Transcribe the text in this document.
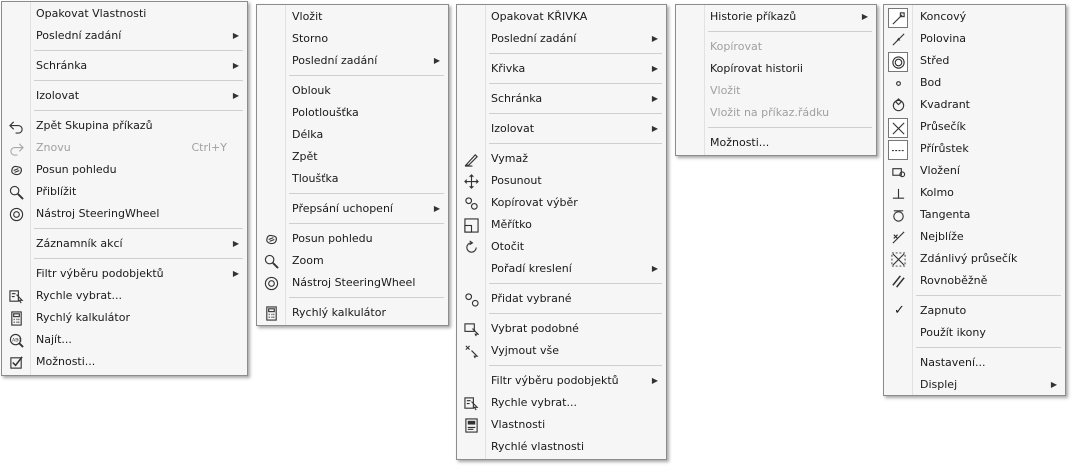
Opakovat Vlastnosti
Poslední zadání	▶
Schránka	▶
Izolovat	▶
Zpět Skupina příkazů
Znovu	Ctrl+Y
Posun pohledu
Přiblížit
Nástroj SteeringWheel
Záznamník akcí	▶
Filtr výběru podobjektů	▶
Rychle vybrat...
Rychlý kalkulátor
ABC Najít...
Možnosti...
Vložit
Storno
Poslední zadání	▶
Oblouk
Polotloušťka
Délka
Zpět
Tloušťka
Přepsání uchopení	▶
Posun pohledu
Zoom
Nástroj SteeringWheel
Rychlý kalkulátor
Opakovat KŘIVKA
Poslední zadání	▶
Křivka	▶
Schránka	▶
Izolovat	▶
Vymaž
Posunout
Kopírovat výběr
Měřítko
Otočit
Pořadí kreslení	▶
Přidat vybrané
Vybrat podobné
Vyjmout vše
Filtr výběru podobjektů	▶
Rychle vybrat...
Vlastnosti
Rychlé vlastnosti
Historie příkazů	▶
Kopírovat
Kopírovat historii
Vložit
Vložit na příkaz.řádku
Možnosti...
Koncový
Polovina
Střed
Bod
Kvadrant
Průsečík
Přírůstek
Vložení
Kolmo
Tangenta
Nejblíže
Zdánlivý průsečík
Rovnoběžně
✓ Zapnuto
Použít ikony
Nastavení...
Displej	▶
